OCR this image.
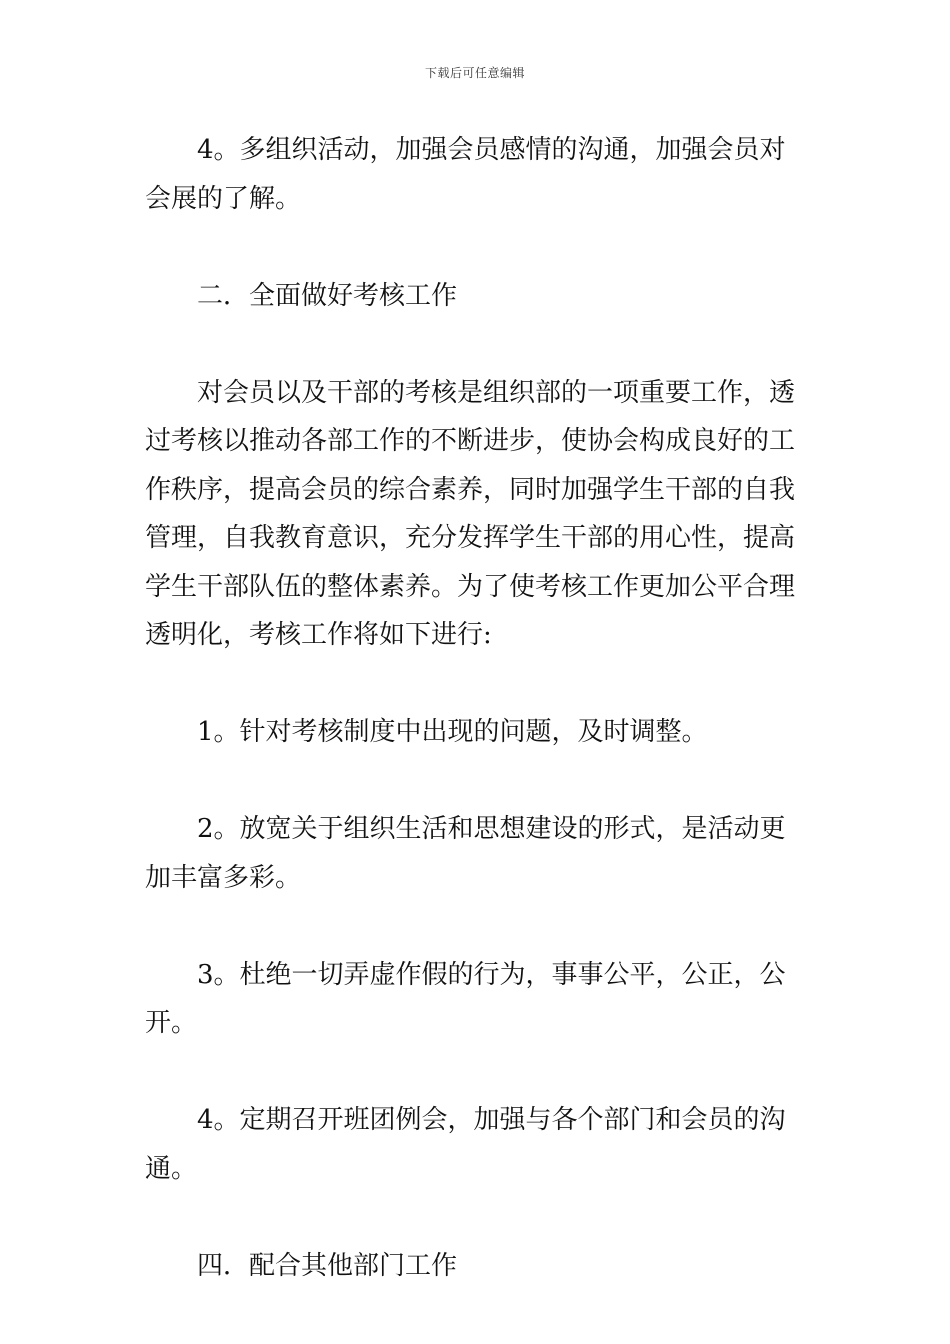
下载后可任意编辑

4。多组织活动，加强会员感情的沟通，加强会员对会展的了解。

二．全面做好考核工作

对会员以及干部的考核是组织部的一项重要工作，透过考核以推动各部工作的不断进步，使协会构成良好的工作秩序，提高会员的综合素养，同时加强学生干部的自我管理，自我教育意识，充分发挥学生干部的用心性，提高学生干部队伍的整体素养。为了使考核工作更加公平合理透明化，考核工作将如下进行:

1。针对考核制度中出现的问题，及时调整。

2。放宽关于组织生活和思想建设的形式，是活动更加丰富多彩。

3。杜绝一切弄虚作假的行为，事事公平，公正，公开。

4。定期召开班团例会，加强与各个部门和会员的沟通。

四．配合其他部门工作
